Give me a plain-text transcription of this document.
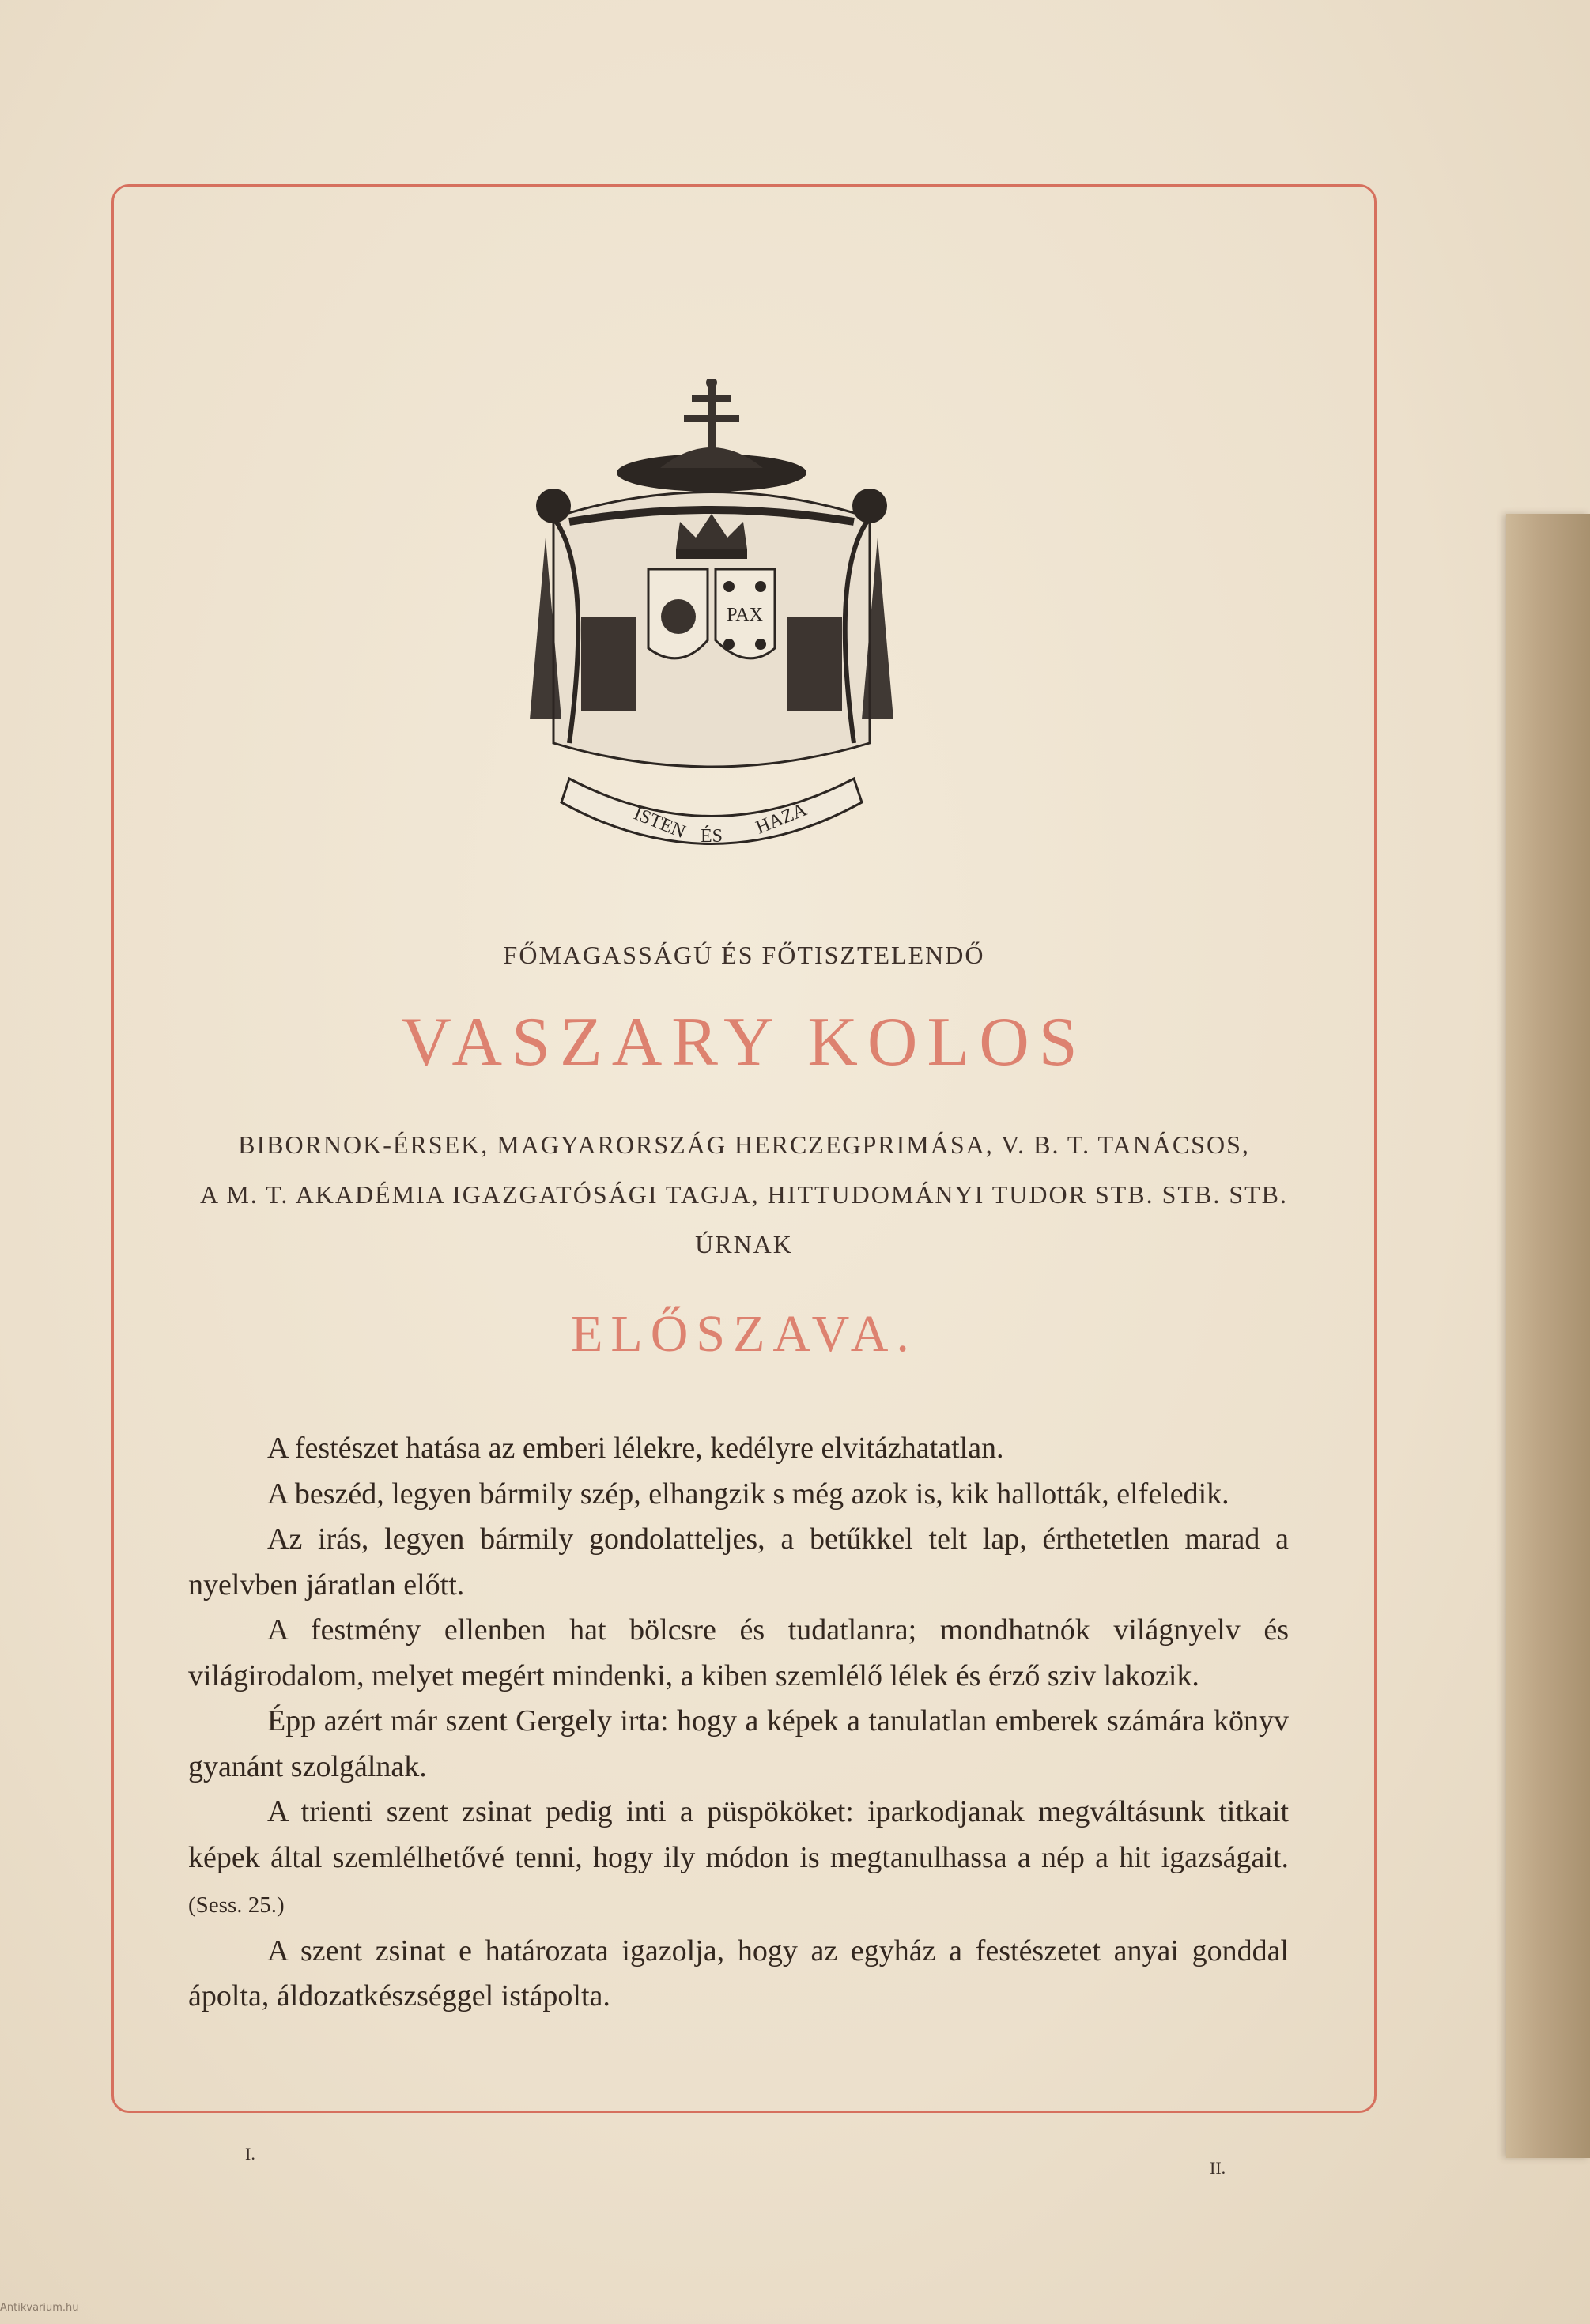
PAX
ISTEN ÉS HAZA
FŐMAGASSÁGÚ ÉS FŐTISZTELENDŐ
VASZARY KOLOS
BIBORNOK-ÉRSEK, MAGYARORSZÁG HERCZEGPRIMÁSA, V. B. T. TANÁCSOS,
A M. T. AKADÉMIA IGAZGATÓSÁGI TAGJA, HITTUDOMÁNYI TUDOR STB. STB. STB.
ÚRNAK
ELŐSZAVA.

A festészet hatása az emberi lélekre, kedélyre elvitázhatatlan.

A beszéd, legyen bármily szép, elhangzik s még azok is, kik hallották, elfeledik.

Az irás, legyen bármily gondolatteljes, a betűkkel telt lap, érthetetlen marad a nyelvben járatlan előtt.

A festmény ellenben hat bölcsre és tudatlanra; mondhatnók világnyelv és világirodalom, melyet megért mindenki, a kiben szemlélő lélek és érző sziv lakozik.

Épp azért már szent Gergely irta: hogy a képek a tanulatlan emberek számára könyv gyanánt szolgálnak.

A trienti szent zsinat pedig inti a püspököket: iparkodjanak megváltásunk titkait képek által szemlélhetővé tenni, hogy ily módon is megtanulhassa a nép a hit igazságait. (Sess. 25.)

A szent zsinat e határozata igazolja, hogy az egyház a festészetet anyai gonddal ápolta, áldozatkészséggel istápolta.

I.
II.
Antikvarium.hu
